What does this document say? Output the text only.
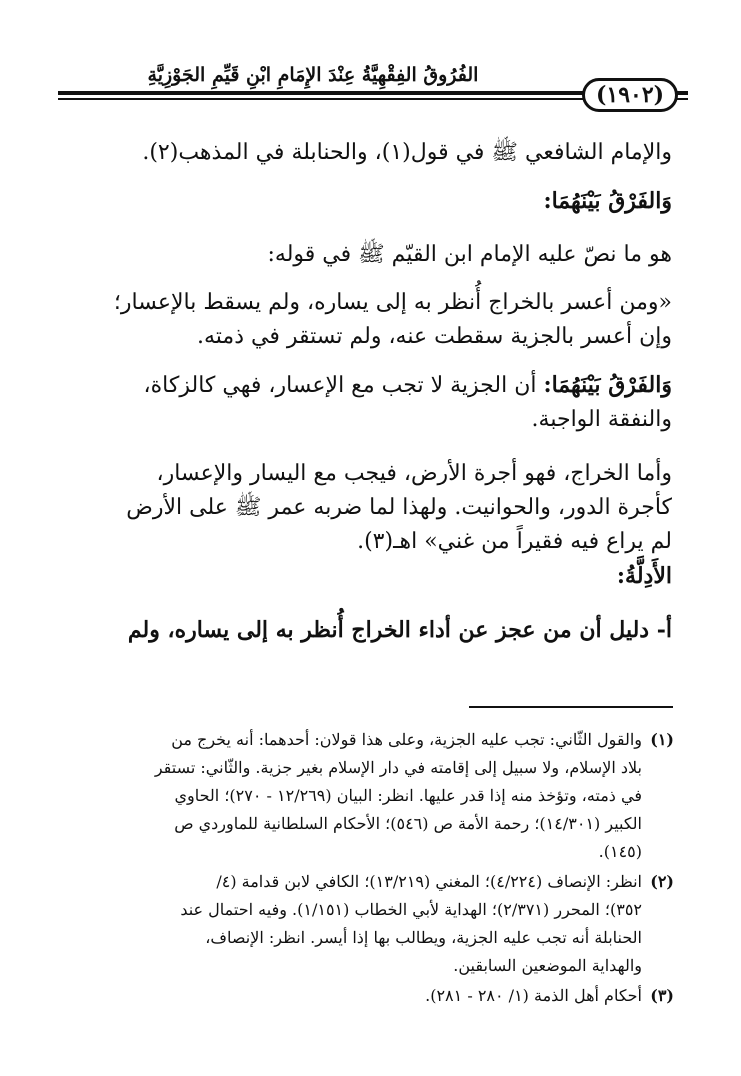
الفُرُوقُ الفِقْهِيَّةُ عِنْدَ الإِمَامِ ابْنِ قَيِّمِ الجَوْزِيَّةِ
(١٩٠٢)

والإمام الشافعي ﷺ في قول(١)، والحنابلة في المذهب(٢).

وَالفَرْقُ بَيْنَهُمَا:

هو ما نصّ عليه الإمام ابن القيّم ﷺ في قوله:

«ومن أعسر بالخراج أُنظر به إلى يساره، ولم يسقط بالإعسار؛

وإن أعسر بالجزية سقطت عنه، ولم تستقر في ذمته.

وَالفَرْقُ بَيْنَهُمَا: أن الجزية لا تجب مع الإعسار، فهي كالزكاة،

والنفقة الواجبة.

وأما الخراج، فهو أجرة الأرض، فيجب مع اليسار والإعسار،

كأجرة الدور، والحوانيت. ولهذا لما ضربه عمر ﷺ على الأرض

لم يراع فيه فقيراً من غني» اهـ(٣).

الأَدِلَّةُ:

أ- دليل أن من عجز عن أداء الخراج أُنظر به إلى يساره، ولم

(١)
والقول الثّاني: تجب عليه الجزية، وعلى هذا قولان: أحدهما: أنه يخرج من
بلاد الإسلام، ولا سبيل إلى إقامته في دار الإسلام بغير جزية. والثّاني: تستقر
في ذمته، وتؤخذ منه إذا قدر عليها. انظر: البيان (١٢/٢٦٩ - ٢٧٠)؛ الحاوي
الكبير (١٤/٣٠١)؛ رحمة الأمة ص (٥٤٦)؛ الأحكام السلطانية للماوردي ص
(١٤٥).
(٢)
انظر: الإنصاف (٤/٢٢٤)؛ المغني (١٣/٢١٩)؛ الكافي لابن قدامة (٤/
٣٥٢)؛ المحرر (٢/٣٧١)؛ الهداية لأبي الخطاب (١/١٥١). وفيه احتمال عند
الحنابلة أنه تجب عليه الجزية، ويطالب بها إذا أيسر. انظر: الإنصاف،
والهداية الموضعين السابقين.
(٣)
أحكام أهل الذمة (١/ ٢٨٠ - ٢٨١).
